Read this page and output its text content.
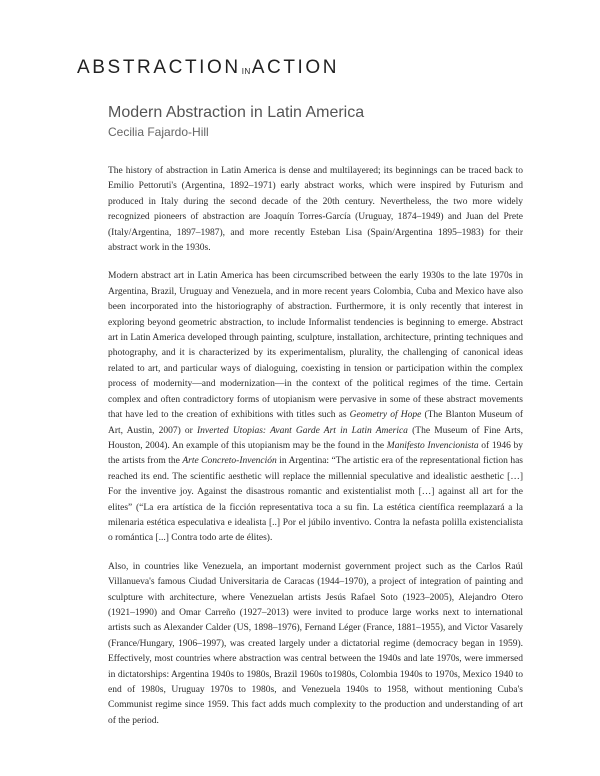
ABSTRACTIONINACTION
Modern Abstraction in Latin America

Cecilia Fajardo-Hill

The history of abstraction in Latin America is dense and multilayered; its beginnings can be traced back to Emilio Pettoruti's (Argentina, 1892–1971) early abstract works, which were inspired by Futurism and produced in Italy during the second decade of the 20th century. Nevertheless, the two more widely recognized pioneers of abstraction are Joaquín Torres-García (Uruguay, 1874–1949) and Juan del Prete (Italy/Argentina, 1897–1987), and more recently Esteban Lisa (Spain/Argentina 1895–1983) for their abstract work in the 1930s.

Modern abstract art in Latin America has been circumscribed between the early 1930s to the late 1970s in Argentina, Brazil, Uruguay and Venezuela, and in more recent years Colombia, Cuba and Mexico have also been incorporated into the historiography of abstraction. Furthermore, it is only recently that interest in exploring beyond geometric abstraction, to include Informalist tendencies is beginning to emerge. Abstract art in Latin America developed through painting, sculpture, installation, architecture, printing techniques and photography, and it is characterized by its experimentalism, plurality, the challenging of canonical ideas related to art, and particular ways of dialoguing, coexisting in tension or participation within the complex process of modernity—and modernization—in the context of the political regimes of the time. Certain complex and often contradictory forms of utopianism were pervasive in some of these abstract movements that have led to the creation of exhibitions with titles such as Geometry of Hope (The Blanton Museum of Art, Austin, 2007) or Inverted Utopias: Avant Garde Art in Latin America (The Museum of Fine Arts, Houston, 2004). An example of this utopianism may be the found in the Manifesto Invencionista of 1946 by the artists from the Arte Concreto-Invención in Argentina: “The artistic era of the representational fiction has reached its end. The scientific aesthetic will replace the millennial speculative and idealistic aesthetic […] For the inventive joy. Against the disastrous romantic and existentialist moth […] against all art for the elites” (“La era artística de la ficción representativa toca a su fin. La estética científica reemplazará a la milenaria estética especulativa e idealista [..] Por el júbilo inventivo. Contra la nefasta polilla existencialista o romántica [...] Contra todo arte de élites).

Also, in countries like Venezuela, an important modernist government project such as the Carlos Raúl Villanueva's famous Ciudad Universitaria de Caracas (1944–1970), a project of integration of painting and sculpture with architecture, where Venezuelan artists Jesús Rafael Soto (1923–2005), Alejandro Otero (1921–1990) and Omar Carreño (1927–2013) were invited to produce large works next to international artists such as Alexander Calder (US, 1898–1976), Fernand Léger (France, 1881–1955), and Victor Vasarely (France/Hungary, 1906–1997), was created largely under a dictatorial regime (democracy began in 1959). Effectively, most countries where abstraction was central between the 1940s and late 1970s, were immersed in dictatorships: Argentina 1940s to 1980s, Brazil 1960s to1980s, Colombia 1940s to 1970s, Mexico 1940 to end of 1980s, Uruguay 1970s to 1980s, and Venezuela 1940s to 1958, without mentioning Cuba's Communist regime since 1959. This fact adds much complexity to the production and understanding of art of the period.
